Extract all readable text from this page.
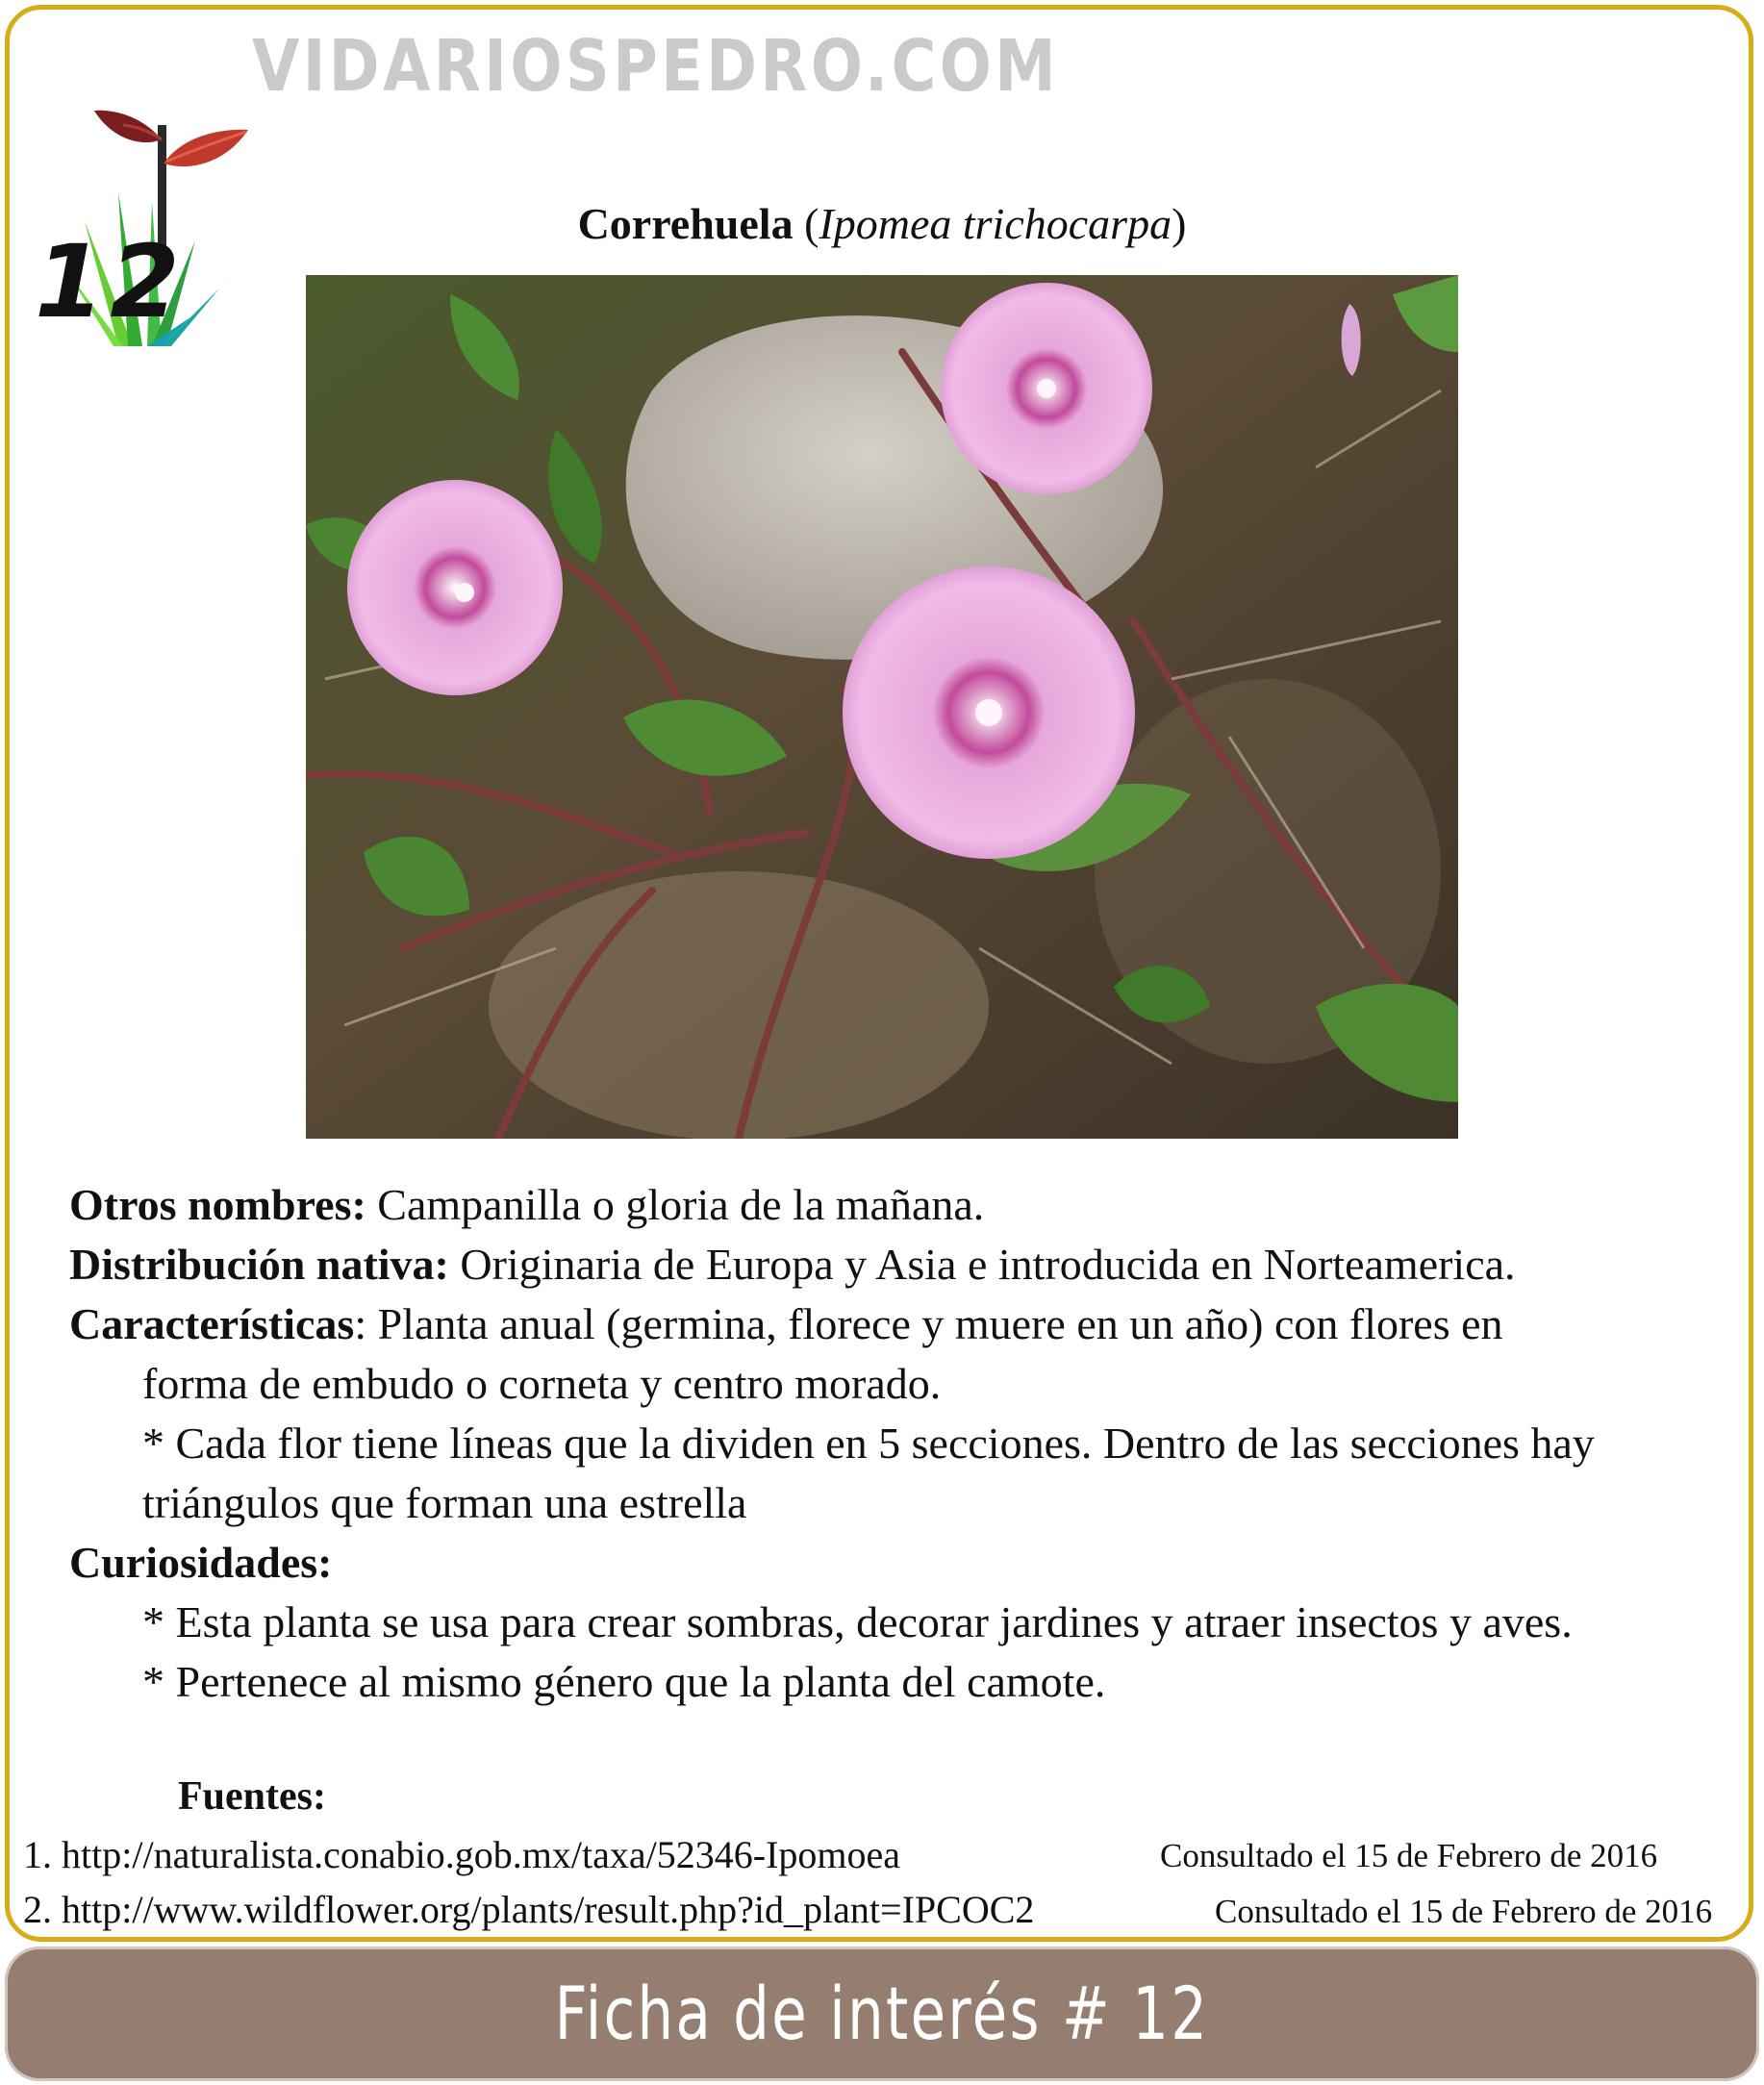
VIDARIOSPEDRO.COM
12	Correhuela (Ipomea trichocarpa)
Otros nombres: Campanilla o gloria de la mañana.
Distribución nativa: Originaria de Europa y Asia e introducida en Norteamerica.
Características: Planta anual (germina, florece y muere en un año) con flores en
forma de embudo o corneta y centro morado.
* Cada flor tiene líneas que la dividen en 5 secciones. Dentro de las secciones hay
triángulos que forman una estrella
Curiosidades:
* Esta planta se usa para crear sombras, decorar jardines y atraer insectos y aves.
* Pertenece al mismo género que la planta del camote.
Fuentes:
1. http://naturalista.conabio.gob.mx/taxa/52346-Ipomoea	Consultado el 15 de Febrero de 2016
2. http://www.wildflower.org/plants/result.php?id_plant=IPCOC2	Consultado el 15 de Febrero de 2016
Ficha de interés # 12
